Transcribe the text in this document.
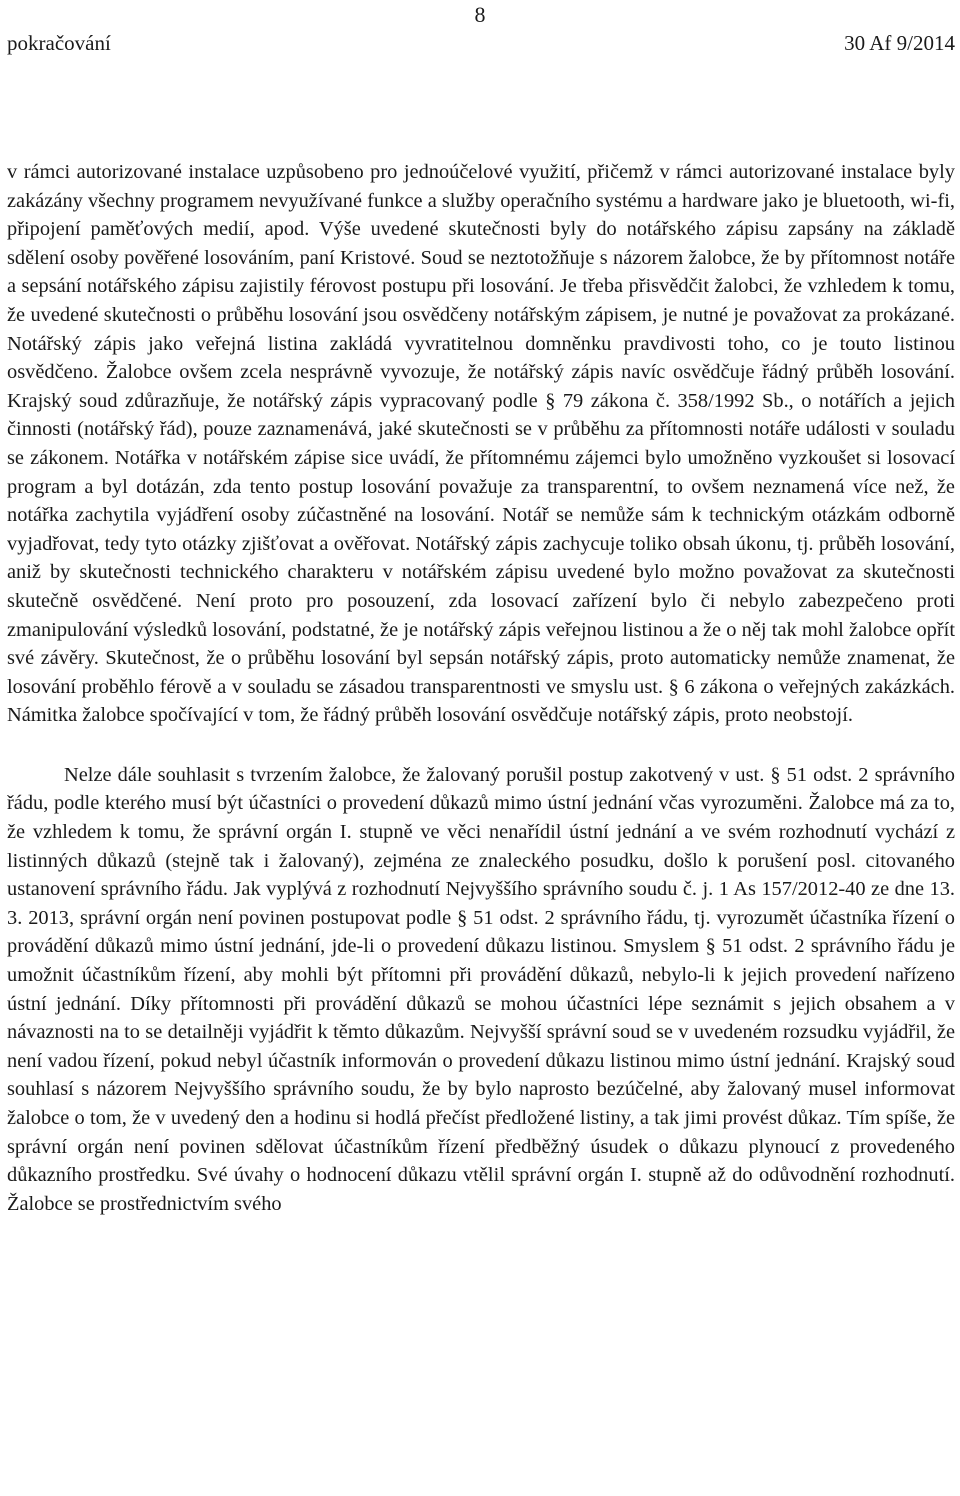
8
pokračování	30 Af 9/2014

v rámci autorizované instalace uzpůsobeno pro jednoúčelové využití, přičemž v rámci autorizované instalace byly zakázány všechny programem nevyužívané funkce a služby operačního systému a hardware jako je bluetooth, wi-fi, připojení paměťových medií, apod. Výše uvedené skutečnosti byly do notářského zápisu zapsány na základě sdělení osoby pověřené losováním, paní Kristové. Soud se neztotožňuje s názorem žalobce, že by přítomnost notáře a sepsání notářského zápisu zajistily férovost postupu při losování. Je třeba přisvědčit žalobci, že vzhledem k tomu, že uvedené skutečnosti o průběhu losování jsou osvědčeny notářským zápisem, je nutné je považovat za prokázané. Notářský zápis jako veřejná listina zakládá vyvratitelnou domněnku pravdivosti toho, co je touto listinou osvědčeno. Žalobce ovšem zcela nesprávně vyvozuje, že notářský zápis navíc osvědčuje řádný průběh losování. Krajský soud zdůrazňuje, že notářský zápis vypracovaný podle § 79 zákona č. 358/1992 Sb., o notářích a jejich činnosti (notářský řád), pouze zaznamenává, jaké skutečnosti se v průběhu za přítomnosti notáře události v souladu se zákonem. Notářka v notářském zápise sice uvádí, že přítomnému zájemci bylo umožněno vyzkoušet si losovací program a byl dotázán, zda tento postup losování považuje za transparentní, to ovšem neznamená více než, že notářka zachytila vyjádření osoby zúčastněné na losování. Notář se nemůže sám k technickým otázkám odborně vyjadřovat, tedy tyto otázky zjišťovat a ověřovat. Notářský zápis zachycuje toliko obsah úkonu, tj. průběh losování, aniž by skutečnosti technického charakteru v notářském zápisu uvedené bylo možno považovat za skutečnosti skutečně osvědčené. Není proto pro posouzení, zda losovací zařízení bylo či nebylo zabezpečeno proti zmanipulování výsledků losování, podstatné, že je notářský zápis veřejnou listinou a že o něj tak mohl žalobce opřít své závěry. Skutečnost, že o průběhu losování byl sepsán notářský zápis, proto automaticky nemůže znamenat, že losování proběhlo férově a v souladu se zásadou transparentnosti ve smyslu ust. § 6 zákona o veřejných zakázkách. Námitka žalobce spočívající v tom, že řádný průběh losování osvědčuje notářský zápis, proto neobstojí.

Nelze dále souhlasit s tvrzením žalobce, že žalovaný porušil postup zakotvený v ust. § 51 odst. 2 správního řádu, podle kterého musí být účastníci o provedení důkazů mimo ústní jednání včas vyrozuměni. Žalobce má za to, že vzhledem k tomu, že správní orgán I. stupně ve věci nenařídil ústní jednání a ve svém rozhodnutí vychází z listinných důkazů (stejně tak i žalovaný), zejména ze znaleckého posudku, došlo k porušení posl. citovaného ustanovení správního řádu. Jak vyplývá z rozhodnutí Nejvyššího správního soudu č. j. 1 As 157/2012-40 ze dne 13. 3. 2013, správní orgán není povinen postupovat podle § 51 odst. 2 správního řádu, tj. vyrozumět účastníka řízení o provádění důkazů mimo ústní jednání, jde-li o provedení důkazu listinou. Smyslem § 51 odst. 2 správního řádu je umožnit účastníkům řízení, aby mohli být přítomni při provádění důkazů, nebylo-li k jejich provedení nařízeno ústní jednání. Díky přítomnosti při provádění důkazů se mohou účastníci lépe seznámit s jejich obsahem a v návaznosti na to se detailněji vyjádřit k těmto důkazům. Nejvyšší správní soud se v uvedeném rozsudku vyjádřil, že není vadou řízení, pokud nebyl účastník informován o provedení důkazu listinou mimo ústní jednání. Krajský soud souhlasí s názorem Nejvyššího správního soudu, že by bylo naprosto bezúčelné, aby žalovaný musel informovat žalobce o tom, že v uvedený den a hodinu si hodlá přečíst předložené listiny, a tak jimi provést důkaz. Tím spíše, že správní orgán není povinen sdělovat účastníkům řízení předběžný úsudek o důkazu plynoucí z provedeného důkazního prostředku. Své úvahy o hodnocení důkazu vtělil správní orgán I. stupně až do odůvodnění rozhodnutí. Žalobce se prostřednictvím svého
